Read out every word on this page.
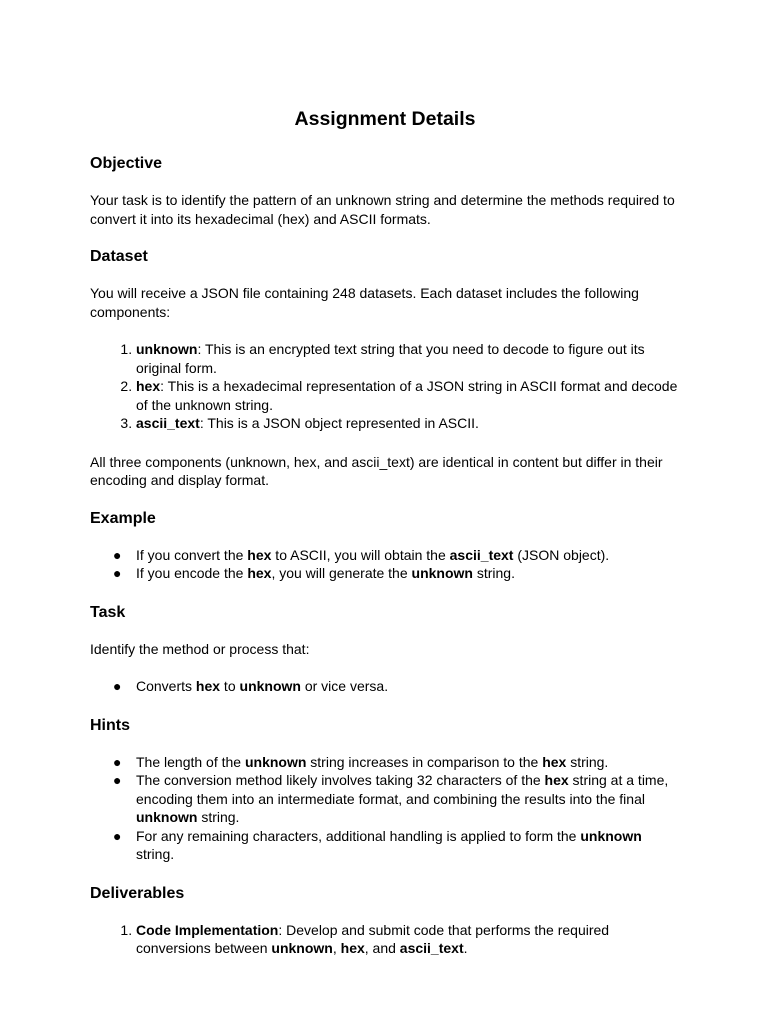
Assignment Details
Objective

Your task is to identify the pattern of an unknown string and determine the methods required to convert it into its hexadecimal (hex) and ASCII formats.

Dataset

You will receive a JSON file containing 248 datasets. Each dataset includes the following components:

1. unknown: This is an encrypted text string that you need to decode to figure out its original form.
2. hex: This is a hexadecimal representation of a JSON string in ASCII format and decode of the unknown string.
3. ascii_text: This is a JSON object represented in ASCII.

All three components (unknown, hex, and ascii_text) are identical in content but differ in their encoding and display format.

Example
● If you convert the hex to ASCII, you will obtain the ascii_text (JSON object).
● If you encode the hex, you will generate the unknown string.
Task

Identify the method or process that:

● Converts hex to unknown or vice versa.
Hints
● The length of the unknown string increases in comparison to the hex string.
● The conversion method likely involves taking 32 characters of the hex string at a time, encoding them into an intermediate format, and combining the results into the final unknown string.
● For any remaining characters, additional handling is applied to form the unknown string.
Deliverables
1. Code Implementation: Develop and submit code that performs the required conversions between unknown, hex, and ascii_text.
